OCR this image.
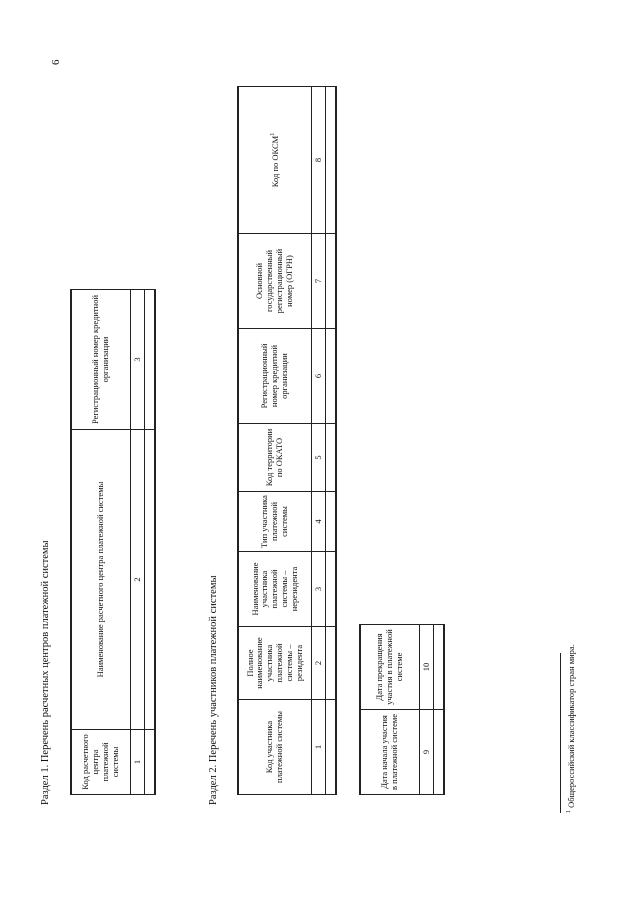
6
Раздел 1. Перечень расчетных центров платежной системы	Код расчетного центра платежной системы	Наименование расчетного центра платежной системы	Регистрационный номер кредитной организации
1	2	3

Раздел 2. Перечень участников платежной системы	Код участника платежной системы	Полное наименование участника платежной системы – резидента	Наименование участника платежной системы – нерезидента	Тип участника платежной системы	Код территории по ОКАТО	Регистрационный номер кредитной организации	Основной государственный регистрационный номер (ОГРН)	Код по ОКСМ$^1$
1	2	3	4	5	6	7	8

Дата начала участия в платежной системе	Дата прекращения участия в платежной системе
9	10

$^1$ Общероссийский классификатор стран мира.
